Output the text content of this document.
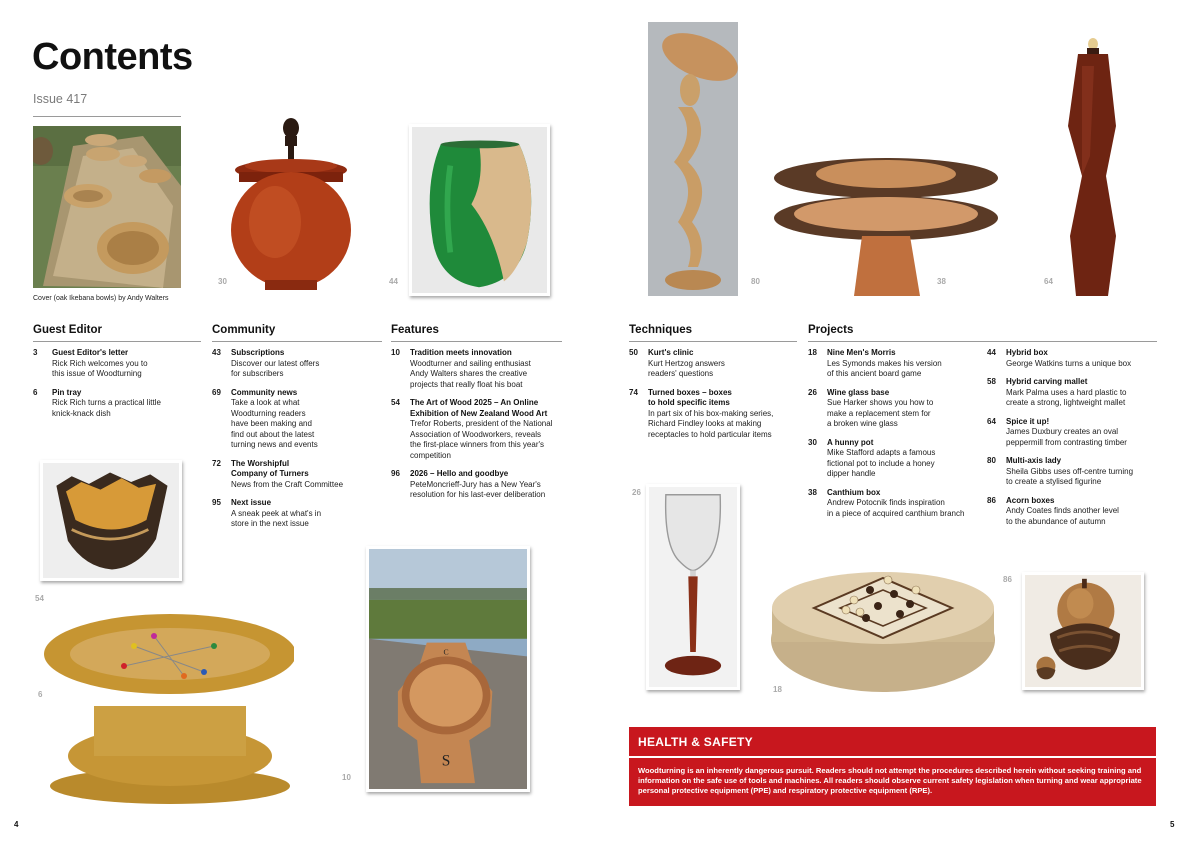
Contents
Issue 417
Cover (oak Ikebana bowls) by Andy Walters
30	44	80	38	64
54
6
S
C
10
26
18
86
Guest Editor
3	Guest Editor's letter
Rick Rich welcomes you to
this issue of Woodturning
6	Pin tray
Rick Rich turns a practical little
knick-knack dish
Community
43	Subscriptions
Discover our latest offers
for subscribers
69	Community news
Take a look at what
Woodturning readers
have been making and
find out about the latest
turning news and events
72	The Worshipful
Company of Turners
News from the Craft Committee
95	Next issue
A sneak peek at what's in
store in the next issue
Features
10	Tradition meets innovation
Woodturner and sailing enthusiast
Andy Walters shares the creative
projects that really float his boat
54	The Art of Wood 2025 – An Online
Exhibition of New Zealand Wood Art
Trefor Roberts, president of the National
Association of Woodworkers, reveals
the first-place winners from this year's
competition
96	2026 – Hello and goodbye
PeteMoncrieff-Jury has a New Year's
resolution for his last-ever deliberation
Techniques
50	Kurt's clinic
Kurt Hertzog answers
readers' questions
74	Turned boxes – boxes
to hold specific items
In part six of his box-making series,
Richard Findley looks at making
receptacles to hold particular items
Projects
18	Nine Men's Morris
Les Symonds makes his version
of this ancient board game
26	Wine glass base
Sue Harker shows you how to
make a replacement stem for
a broken wine glass
30	A hunny pot
Mike Stafford adapts a famous
fictional pot to include a honey
dipper handle
38	Canthium box
Andrew Potocnik finds inspiration
in a piece of acquired canthium branch
44	Hybrid box
George Watkins turns a unique box
58	Hybrid carving mallet
Mark Palma uses a hard plastic to
create a strong, lightweight mallet
64	Spice it up!
James Duxbury creates an oval
peppermill from contrasting timber
80	Multi-axis lady
Sheila Gibbs uses off-centre turning
to create a stylised figurine
86	Acorn boxes
Andy Coates finds another level
to the abundance of autumn
HEALTH & SAFETY
Woodturning is an inherently dangerous pursuit. Readers should not attempt the procedures described herein without seeking training and information on the safe use of tools and machines. All readers should observe current safety legislation when turning and wear appropriate personal protective equipment (PPE) and respiratory protective equipment (RPE).
4	5
